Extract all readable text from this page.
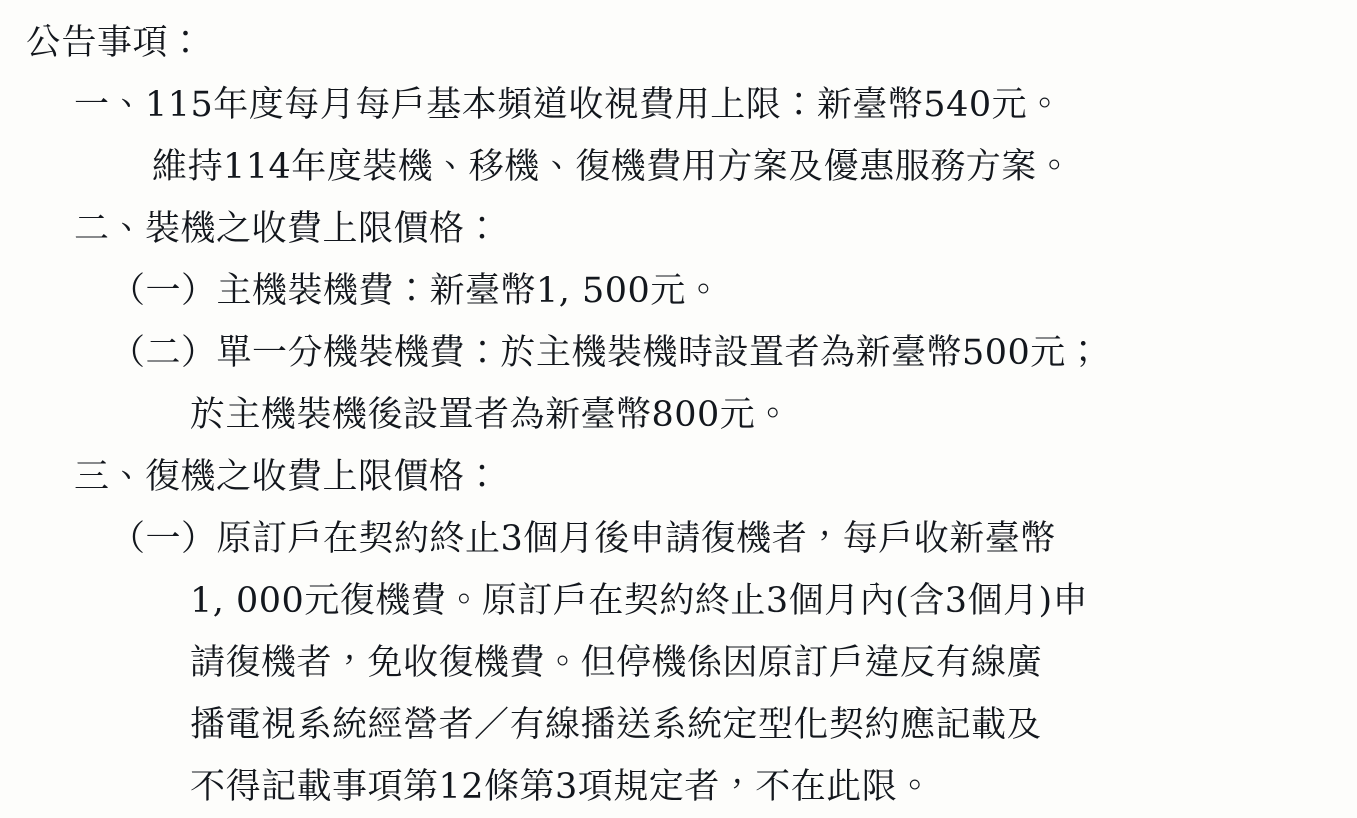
公告事項：
一、115年度每月每戶基本頻道收視費用上限：新臺幣540元。
維持114年度裝機、移機、復機費用方案及優惠服務方案。
二、裝機之收費上限價格：
（一）主機裝機費：新臺幣1, 500元。
（二）單一分機裝機費：於主機裝機時設置者為新臺幣500元；
於主機裝機後設置者為新臺幣800元。
三、復機之收費上限價格：
（一）原訂戶在契約終止3個月後申請復機者，每戶收新臺幣
1, 000元復機費。原訂戶在契約終止3個月內(含3個月)申
請復機者，免收復機費。但停機係因原訂戶違反有線廣
播電視系統經營者／有線播送系統定型化契約應記載及
不得記載事項第12條第3項規定者，不在此限。
